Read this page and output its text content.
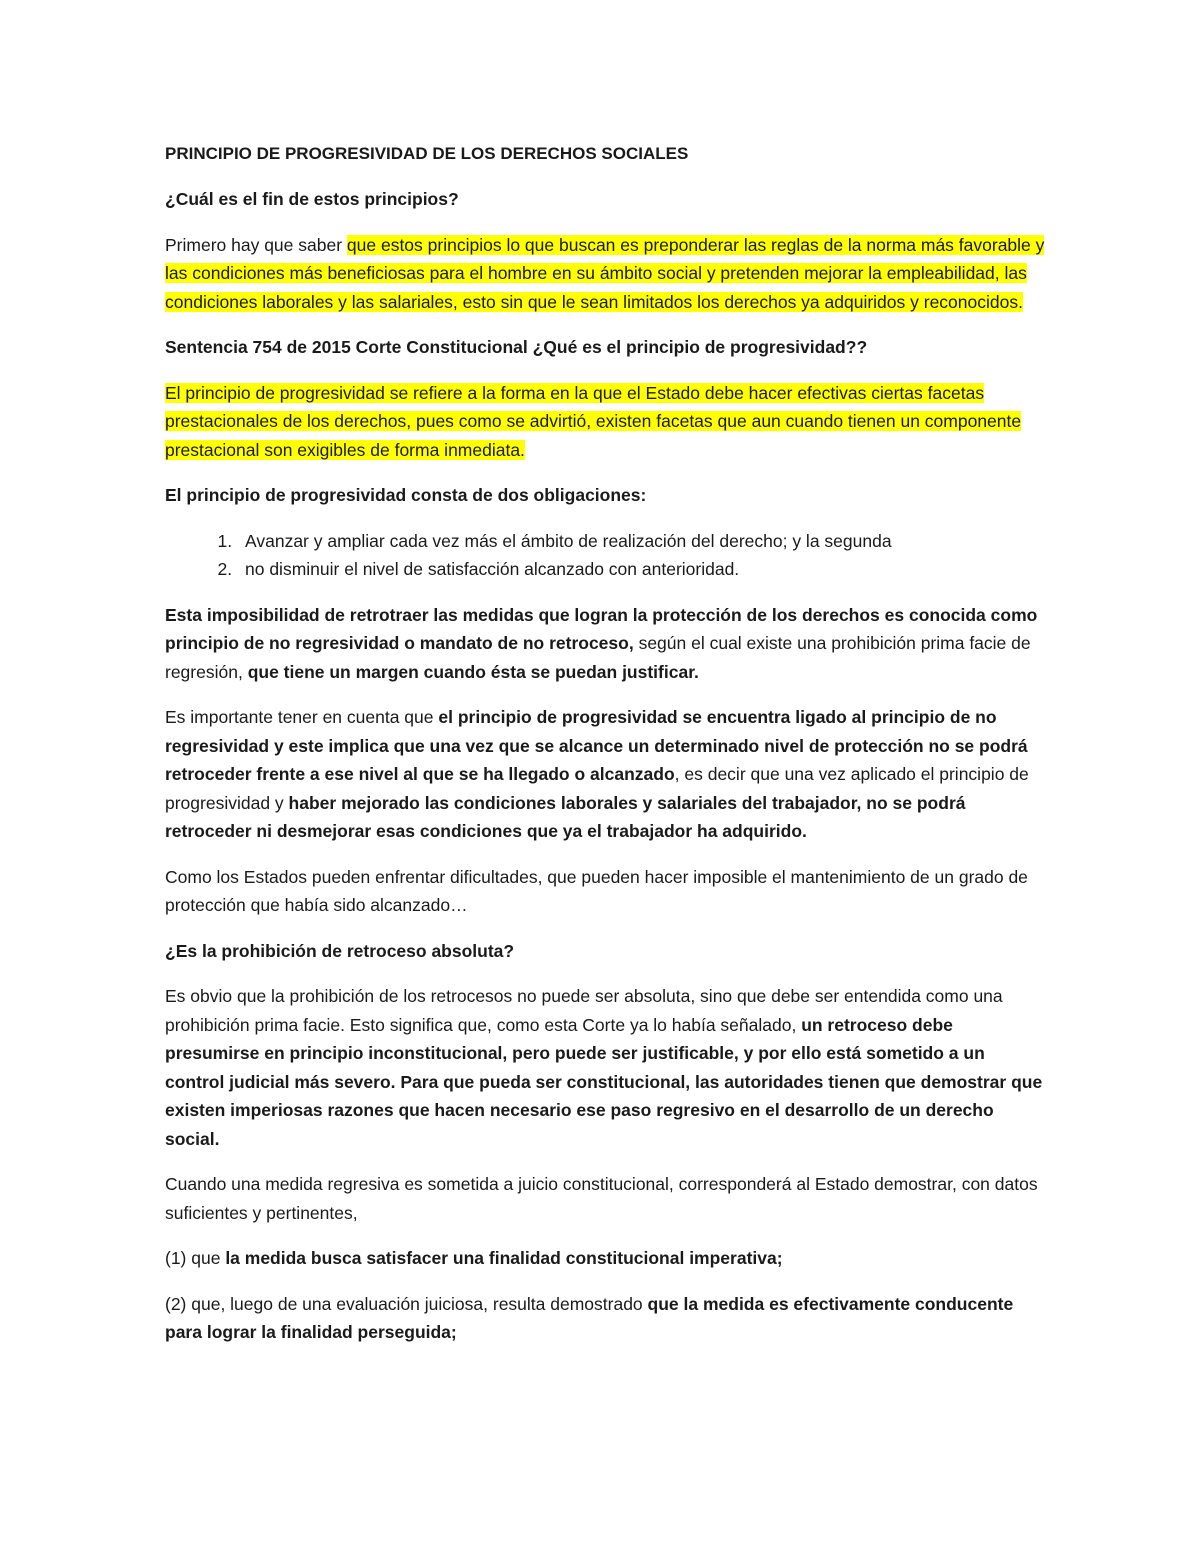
PRINCIPIO DE PROGRESIVIDAD DE LOS DERECHOS SOCIALES

¿Cuál es el fin de estos principios?

Primero hay que saber que estos principios lo que buscan es preponderar las reglas de la norma más favorable y las condiciones más beneficiosas para el hombre en su ámbito social y pretenden mejorar la empleabilidad, las condiciones laborales y las salariales, esto sin que le sean limitados los derechos ya adquiridos y reconocidos.

Sentencia 754 de 2015 Corte Constitucional ¿Qué es el principio de progresividad??

El principio de progresividad se refiere a la forma en la que el Estado debe hacer efectivas ciertas facetas prestacionales de los derechos, pues como se advirtió, existen facetas que aun cuando tienen un componente prestacional son exigibles de forma inmediata.

El principio de progresividad consta de dos obligaciones:

1. Avanzar y ampliar cada vez más el ámbito de realización del derecho; y la segunda
2. no disminuir el nivel de satisfacción alcanzado con anterioridad.

Esta imposibilidad de retrotraer las medidas que logran la protección de los derechos es conocida como principio de no regresividad o mandato de no retroceso, según el cual existe una prohibición prima facie de regresión, que tiene un margen cuando ésta se puedan justificar.

Es importante tener en cuenta que el principio de progresividad se encuentra ligado al principio de no regresividad y este implica que una vez que se alcance un determinado nivel de protección no se podrá retroceder frente a ese nivel al que se ha llegado o alcanzado, es decir que una vez aplicado el principio de progresividad y haber mejorado las condiciones laborales y salariales del trabajador, no se podrá retroceder ni desmejorar esas condiciones que ya el trabajador ha adquirido.

Como los Estados pueden enfrentar dificultades, que pueden hacer imposible el mantenimiento de un grado de protección que había sido alcanzado…

¿Es la prohibición de retroceso absoluta?

Es obvio que la prohibición de los retrocesos no puede ser absoluta, sino que debe ser entendida como una prohibición prima facie. Esto significa que, como esta Corte ya lo había señalado, un retroceso debe presumirse en principio inconstitucional, pero puede ser justificable, y por ello está sometido a un control judicial más severo. Para que pueda ser constitucional, las autoridades tienen que demostrar que existen imperiosas razones que hacen necesario ese paso regresivo en el desarrollo de un derecho social.

Cuando una medida regresiva es sometida a juicio constitucional, corresponderá al Estado demostrar, con datos suficientes y pertinentes,

(1) que la medida busca satisfacer una finalidad constitucional imperativa;

(2) que, luego de una evaluación juiciosa, resulta demostrado que la medida es efectivamente conducente para lograr la finalidad perseguida;
